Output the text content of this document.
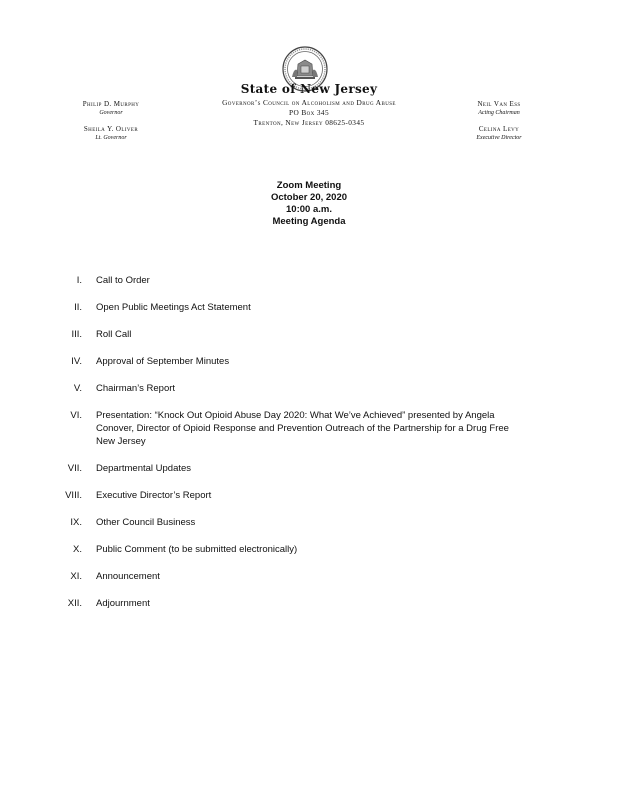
Philip D. Murphy
Governor
Sheila Y. Oliver
Lt. Governor
State of New Jersey
Governor’s Council on Alcoholism and Drug Abuse
PO Box 345
Trenton, New Jersey 08625-0345
Neil Van Ess
Acting Chairman
Celina Levy
Executive Director
Zoom Meeting
October 20, 2020
10:00 a.m.
Meeting Agenda
I.	Call to Order
II.	Open Public Meetings Act Statement
III.	Roll Call
IV.	Approval of September Minutes
V.	Chairman’s Report
VI.	Presentation: “Knock Out Opioid Abuse Day 2020: What We’ve Achieved” presented by Angela Conover, Director of Opioid Response and Prevention Outreach of the Partnership for a Drug Free New Jersey
VII.	Departmental Updates
VIII.	Executive Director’s Report
IX.	Other Council Business
X.	Public Comment (to be submitted electronically)
XI.	Announcement
XII.	Adjournment
